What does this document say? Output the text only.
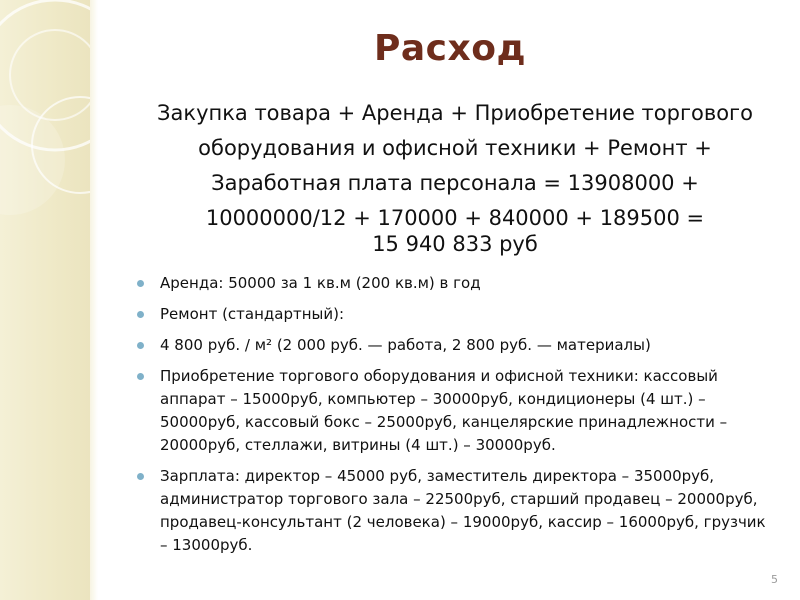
Расход
Закупка товара + Аренда + Приобретение торгового
оборудования и офисной техники + Ремонт +
Заработная плата персонала = 13908000 +
10000000/12 + 170000 + 840000 + 189500 =
15 940 833 руб
Аренда: 50000 за 1 кв.м (200 кв.м) в год
Ремонт (стандартный):
4 800 руб. / м² (2 000 руб. — работа, 2 800 руб. — материалы)
Приобретение торгового оборудования и офисной техники: кассовый аппарат – 15000руб, компьютер – 30000руб, кондиционеры (4 шт.) – 50000руб, кассовый бокс – 25000руб, канцелярские принадлежности – 20000руб, стеллажи, витрины (4 шт.) – 30000руб.
Зарплата: директор – 45000 руб, заместитель директора – 35000руб, администратор торгового зала – 22500руб, старший продавец – 20000руб, продавец-консультант (2 человека) – 19000руб, кассир – 16000руб, грузчик – 13000руб.
5
